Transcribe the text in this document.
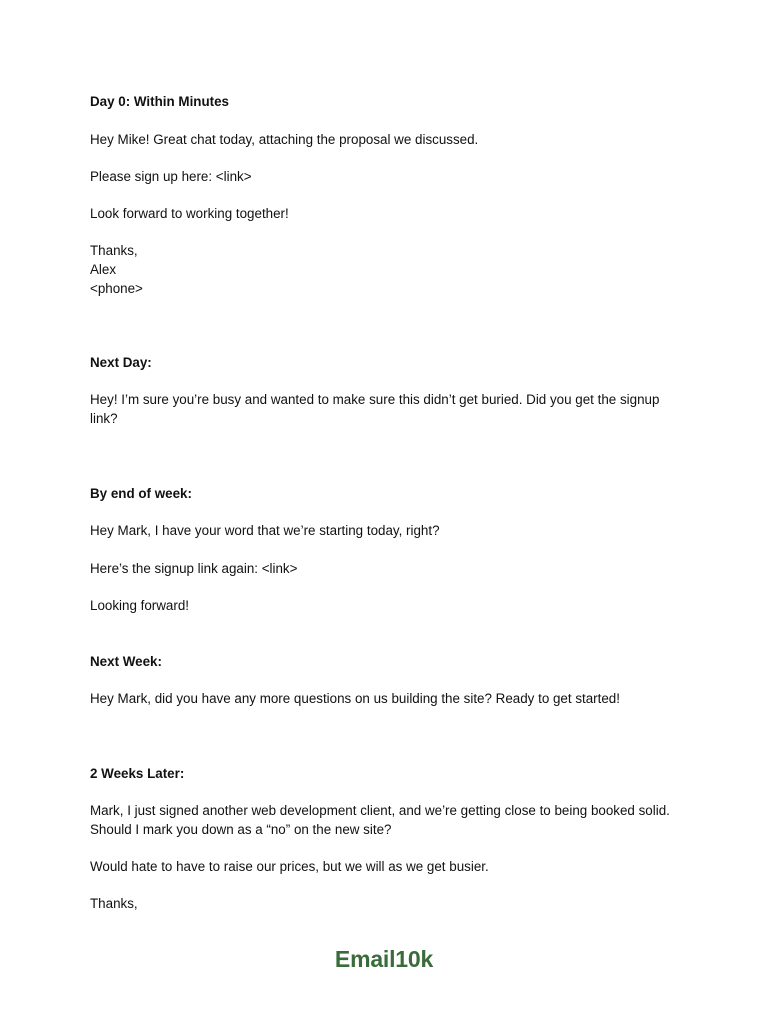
Day 0: Within Minutes

Hey Mike! Great chat today, attaching the proposal we discussed.

Please sign up here: <link>

Look forward to working together!

Thanks,
Alex
<phone>

Next Day:

Hey! I’m sure you’re busy and wanted to make sure this didn’t get buried. Did you get the signup link?

By end of week:

Hey Mark, I have your word that we’re starting today, right?

Here’s the signup link again: <link>

Looking forward!

Next Week:

Hey Mark, did you have any more questions on us building the site? Ready to get started!

2 Weeks Later:

Mark, I just signed another web development client, and we’re getting close to being booked solid. Should I mark you down as a “no” on the new site?

Would hate to have to raise our prices, but we will as we get busier.

Thanks,

Email10k
